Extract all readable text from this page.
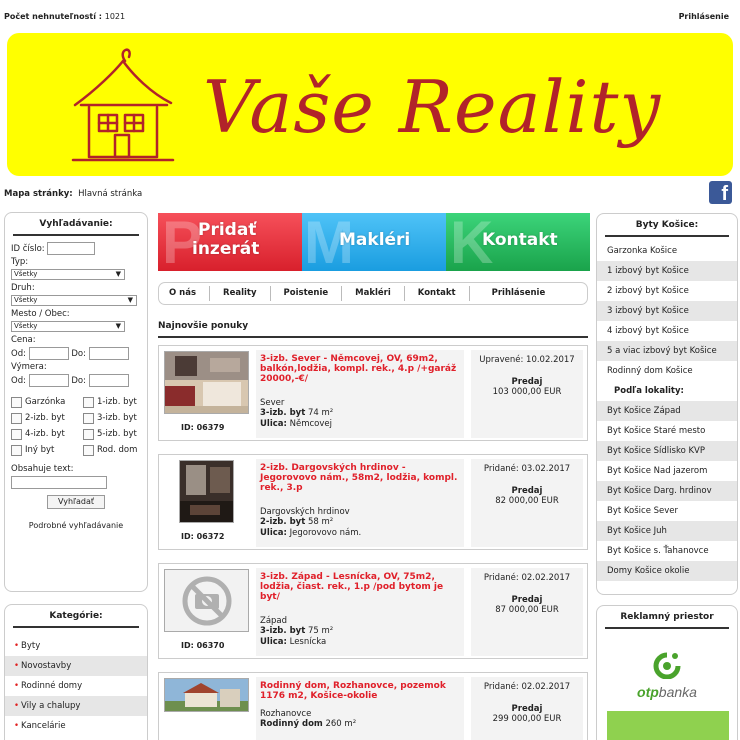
Počet nehnuteľností : 1021	Prihlásenie
Vaše Reality
Mapa stránky: Hlavná stránka	f
Vyhľadávanie:
ID číslo:
Typ:
Všetky ▼
Druh:
Všetky ▼
Mesto / Obec:
Všetky ▼
Cena:
Od:	Do:
Výmera:
Od:	Do:
Garzónka	1-izb. byt
2-izb. byt	3-izb. byt
4-izb. byt	5-izb. byt
Iný byt	Rod. dom
Obsahuje text:
Vyhľadať
Podrobné vyhľadávanie
Kategórie:
• Byty
• Novostavby
• Rodinné domy
• Vily a chalupy
• Kancelárie
P
Pridať
inzerát M
Makléri K
Kontakt
O nás	Reality	Poistenie	Makléri	Kontakt	Prihlásenie
Najnovšie ponuky
ID: 06379
3-izb. Sever - Němcovej, OV, 69m2, balkón,lodžia, kompl. rek., 4.p /+garáž 20000,-€/
Sever
3-izb. byt 74 m²
Ulica: Němcovej
Upravené: 10.02.2017
Predaj
103 000,00 EUR
ID: 06372
2-izb. Dargovských hrdinov - Jegorovovo nám., 58m2, lodžia, kompl. rek., 3.p
Dargovských hrdinov
2-izb. byt 58 m²
Ulica: Jegorovovo nám.
Pridané: 03.02.2017
Predaj
82 000,00 EUR
ID: 06370
3-izb. Západ - Lesnícka, OV, 75m2, lodžia, čiast. rek., 1.p /pod bytom je byt/
Západ
3-izb. byt 75 m²
Ulica: Lesnícka
Pridané: 02.02.2017
Predaj
87 000,00 EUR
Rodinný dom, Rozhanovce, pozemok 1176 m2, Košice-okolie
Rozhanovce
Rodinný dom 260 m²
Pridané: 02.02.2017
Predaj
299 000,00 EUR
Byty Košice:
Garzonka Košice
1 izbový byt Košice
2 izbový byt Košice
3 izbový byt Košice
4 izbový byt Košice
5 a viac izbový byt Košice
Rodinný dom Košice
Podľa lokality:
Byt Košice Západ
Byt Košice Staré mesto
Byt Košice Sídlisko KVP
Byt Košice Nad jazerom
Byt Košice Darg. hrdinov
Byt Košice Sever
Byt Košice Juh
Byt Košice s. Ťahanovce
Domy Košice okolie
Reklamný priestor
otpbanka
